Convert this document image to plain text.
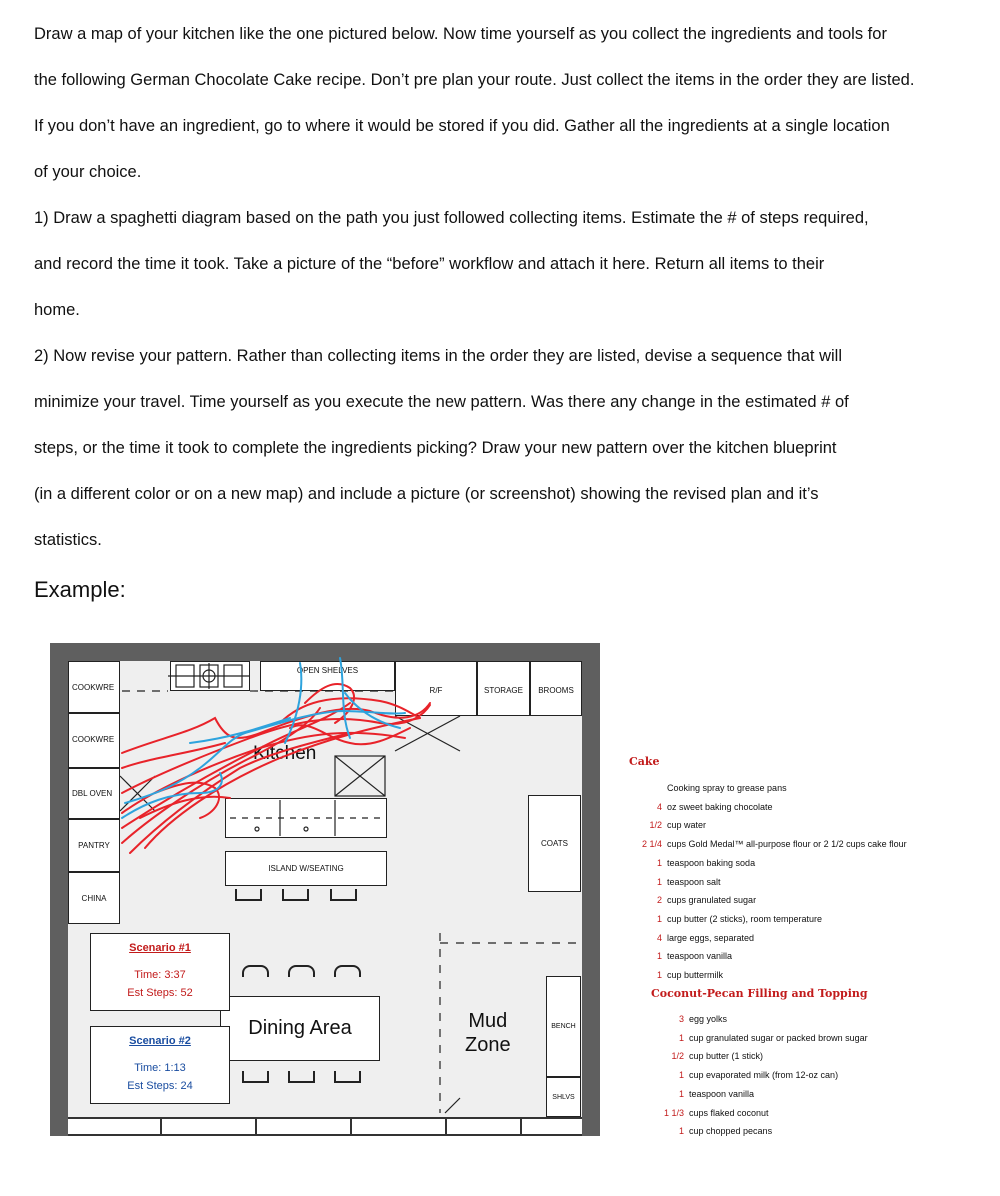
Draw a map of your kitchen like the one pictured below. Now time yourself as you collect the ingredients and tools for
the following German Chocolate Cake recipe. Don’t pre plan your route. Just collect the items in the order they are listed.
If you don’t have an ingredient, go to where it would be stored if you did. Gather all the ingredients at a single location
of your choice.
1) Draw a spaghetti diagram based on the path you just followed collecting items. Estimate the # of steps required,
and record the time it took. Take a picture of the “before” workflow and attach it here. Return all items to their
home.
2) Now revise your pattern. Rather than collecting items in the order they are listed, devise a sequence that will
minimize your travel. Time yourself as you execute the new pattern. Was there any change in the estimated # of
steps, or the time it took to complete the ingredients picking? Draw your new pattern over the kitchen blueprint
(in a different color or on a new map) and include a picture (or screenshot) showing the revised plan and it’s
statistics.
Example:
COOKWRE
COOKWRE
DBL OVEN
PANTRY
CHINA
OPEN SHELVES
R/F	STORAGE BROOMS
ISLAND W/SEATING
COATS
BENCH
SHLVS
Dining Area	Mud
Zone
Kitchen
Scenario #1
Time: 3:37
Est Steps: 52
Scenario #2
Time: 1:13
Est Steps: 24
Cake
Cooking spray to grease pans
4 oz sweet baking chocolate
1/2 cup water
2 1/4 cups Gold Medal™ all-purpose flour or 2 1/2 cups cake flour
1 teaspoon baking soda
1 teaspoon salt
2 cups granulated sugar
1 cup butter (2 sticks), room temperature
4 large eggs, separated
1 teaspoon vanilla
1 cup buttermilk
Coconut-Pecan Filling and Topping
3 egg yolks
1 cup granulated sugar or packed brown sugar
1/2 cup butter (1 stick)
1 cup evaporated milk (from 12-oz can)
1 teaspoon vanilla
1 1/3 cups flaked coconut
1 cup chopped pecans
